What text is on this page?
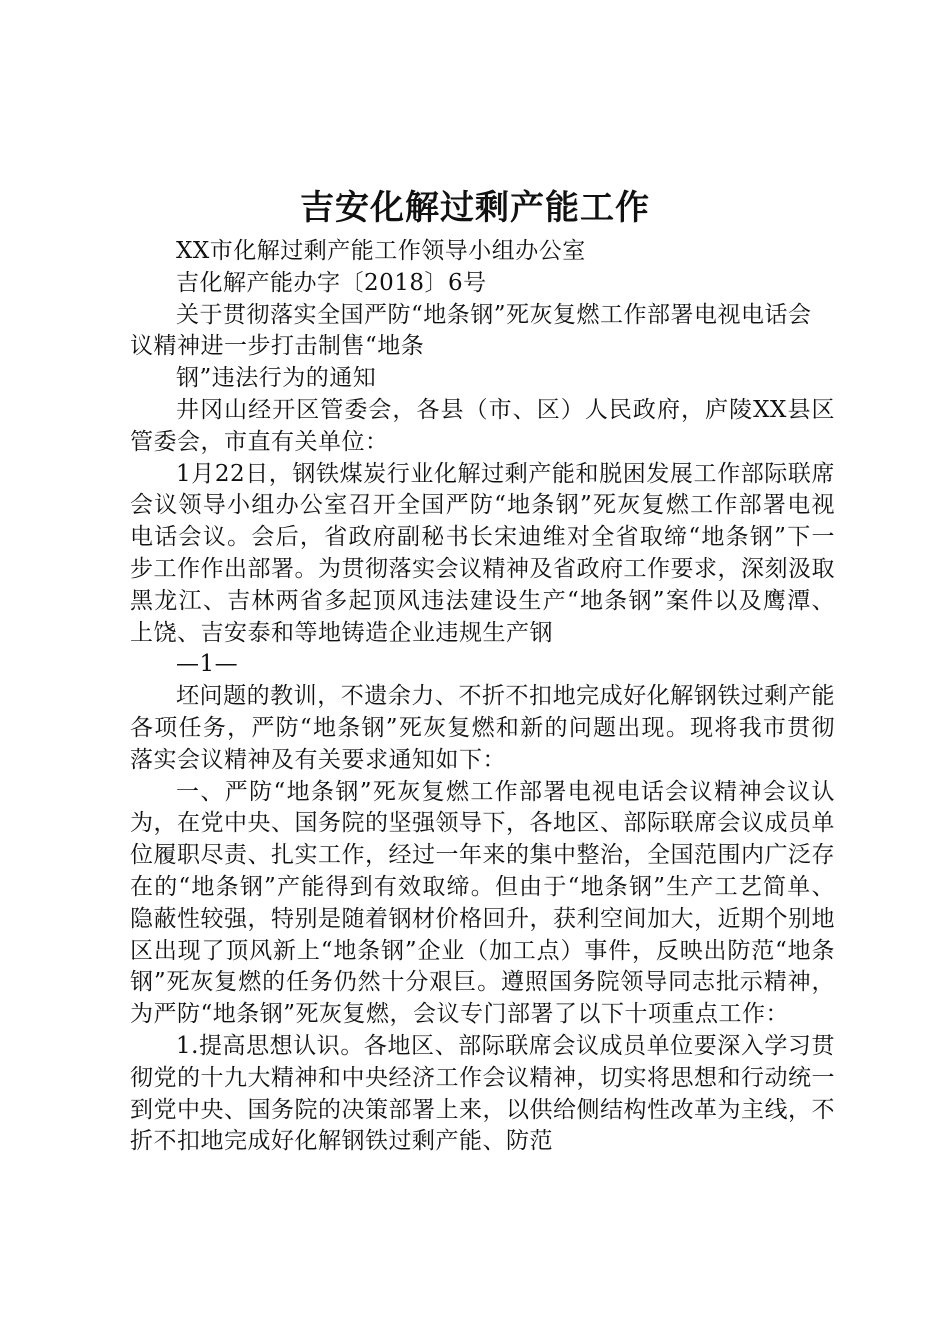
吉安化解过剩产能工作

XX市化解过剩产能工作领导小组办公室

吉化解产能办字〔2018〕6号

关于贯彻落实全国严防“地条钢”死灰复燃工作部署电视电话会议精神进一步打击制售“地条

钢”违法行为的通知

井冈山经开区管委会，各县（市、区）人民政府，庐陵XX县区管委会，市直有关单位：

1月22日，钢铁煤炭行业化解过剩产能和脱困发展工作部际联席会议领导小组办公室召开全国严防“地条钢”死灰复燃工作部署电视电话会议。会后，省政府副秘书长宋迪维对全省取缔“地条钢”下一步工作作出部署。为贯彻落实会议精神及省政府工作要求，深刻汲取黑龙江、吉林两省多起顶风违法建设生产“地条钢”案件以及鹰潭、上饶、吉安泰和等地铸造企业违规生产钢

—1—

坯问题的教训，不遗余力、不折不扣地完成好化解钢铁过剩产能各项任务，严防“地条钢”死灰复燃和新的问题出现。现将我市贯彻落实会议精神及有关要求通知如下：

一、严防“地条钢”死灰复燃工作部署电视电话会议精神会议认为，在党中央、国务院的坚强领导下，各地区、部际联席会议成员单位履职尽责、扎实工作，经过一年来的集中整治，全国范围内广泛存在的“地条钢”产能得到有效取缔。但由于“地条钢”生产工艺简单、隐蔽性较强，特别是随着钢材价格回升，获利空间加大，近期个别地区出现了顶风新上“地条钢”企业（加工点）事件，反映出防范“地条钢”死灰复燃的任务仍然十分艰巨。遵照国务院领导同志批示精神，为严防“地条钢”死灰复燃，会议专门部署了以下十项重点工作：

1.提高思想认识。各地区、部际联席会议成员单位要深入学习贯彻党的十九大精神和中央经济工作会议精神，切实将思想和行动统一到党中央、国务院的决策部署上来，以供给侧结构性改革为主线，不折不扣地完成好化解钢铁过剩产能、防范
